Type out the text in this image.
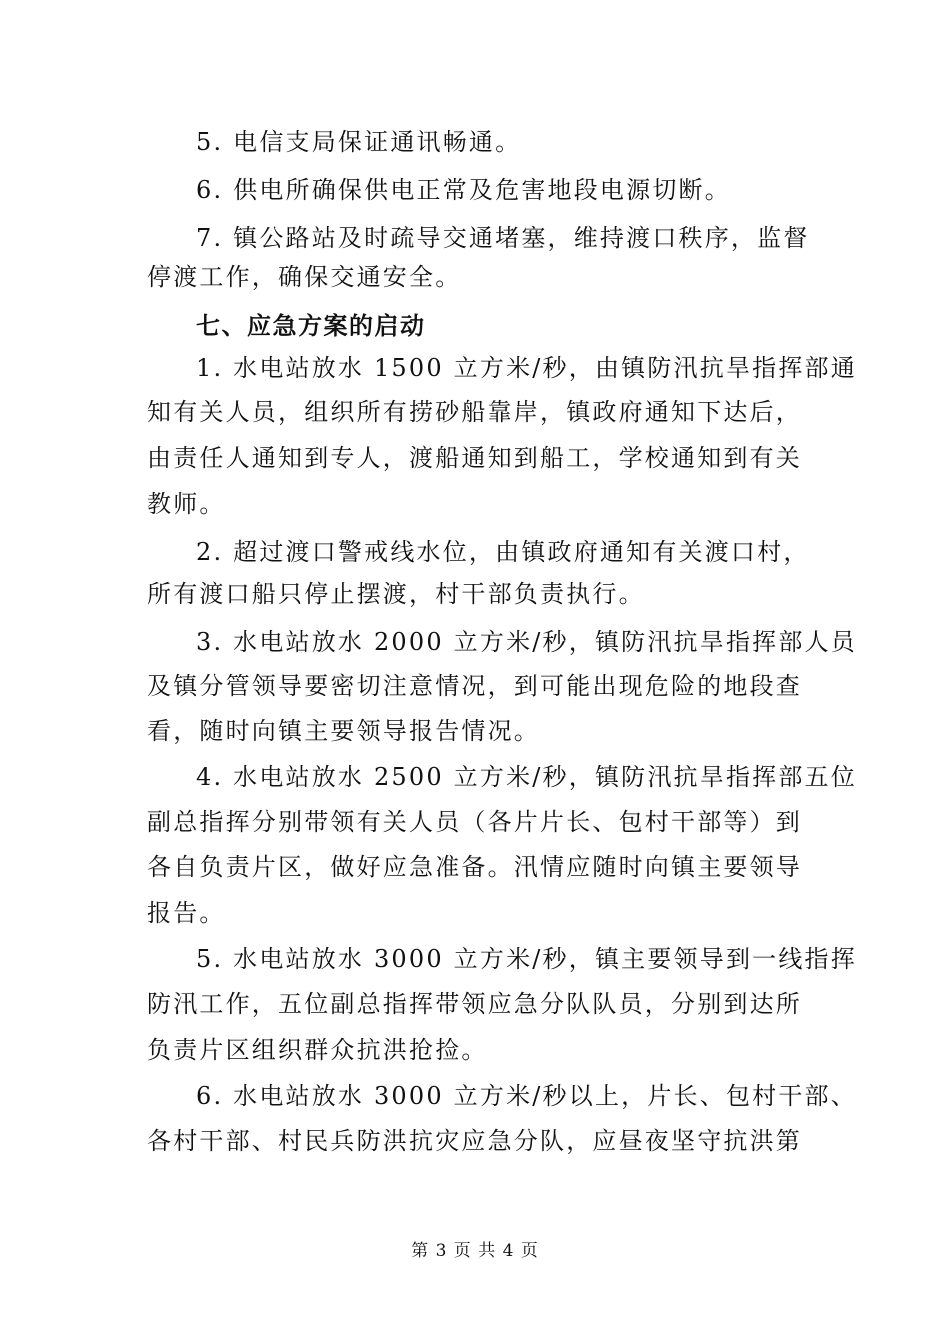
5. 电信支局保证通讯畅通。
6. 供电所确保供电正常及危害地段电源切断。
7. 镇公路站及时疏导交通堵塞，维持渡口秩序，监督
停渡工作，确保交通安全。
七、应急方案的启动
1. 水电站放水 1500 立方米/秒，由镇防汛抗旱指挥部通
知有关人员，组织所有捞砂船靠岸，镇政府通知下达后，
由责任人通知到专人，渡船通知到船工，学校通知到有关
教师。
2. 超过渡口警戒线水位，由镇政府通知有关渡口村，
所有渡口船只停止摆渡，村干部负责执行。
3. 水电站放水 2000 立方米/秒，镇防汛抗旱指挥部人员
及镇分管领导要密切注意情况，到可能出现危险的地段查
看，随时向镇主要领导报告情况。
4. 水电站放水 2500 立方米/秒，镇防汛抗旱指挥部五位
副总指挥分别带领有关人员（各片片长、包村干部等）到
各自负责片区，做好应急准备。汛情应随时向镇主要领导
报告。
5. 水电站放水 3000 立方米/秒，镇主要领导到一线指挥
防汛工作，五位副总指挥带领应急分队队员，分别到达所
负责片区组织群众抗洪抢捡。
6. 水电站放水 3000 立方米/秒以上，片长、包村干部、
各村干部、村民兵防洪抗灾应急分队，应昼夜坚守抗洪第
第 3 页 共 4 页
